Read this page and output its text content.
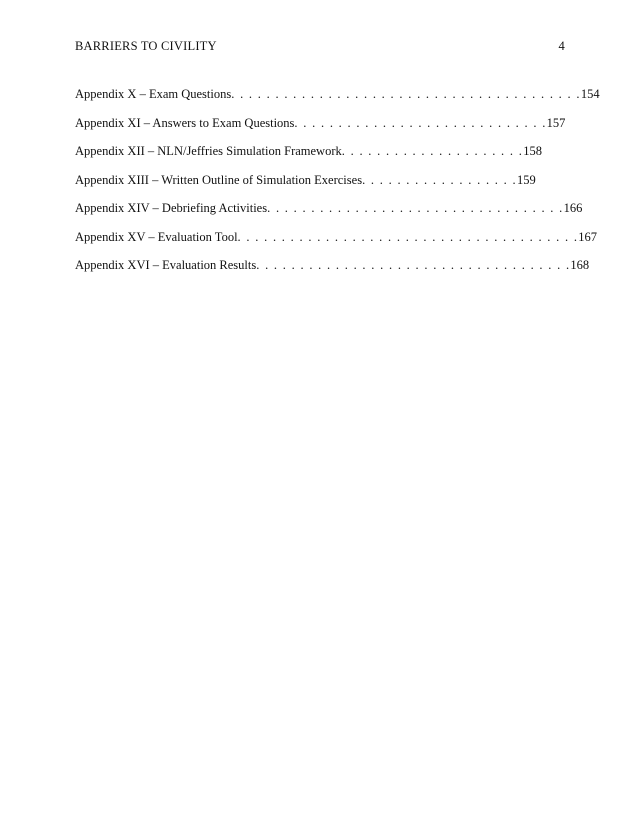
BARRIERS TO CIVILITY	4
Appendix X – Exam Questions. . . . . . . . . . . . . . . . . . . . . . . . . . . . . . . . . . . . . . . .154
Appendix XI – Answers to Exam Questions. . . . . . . . . . . . . . . . . . . . . . . . . . . . .157
Appendix XII – NLN/Jeffries Simulation Framework. . . . . . . . . . . . . . . . . . . . .158
Appendix XIII – Written Outline of Simulation Exercises. . . . . . . . . . . . . . . . . .159
Appendix XIV – Debriefing Activities. . . . . . . . . . . . . . . . . . . . . . . . . . . . . . . . . .166
Appendix XV – Evaluation Tool. . . . . . . . . . . . . . . . . . . . . . . . . . . . . . . . . . . . . . .167
Appendix XVI – Evaluation Results. . . . . . . . . . . . . . . . . . . . . . . . . . . . . . . . . . . .168
